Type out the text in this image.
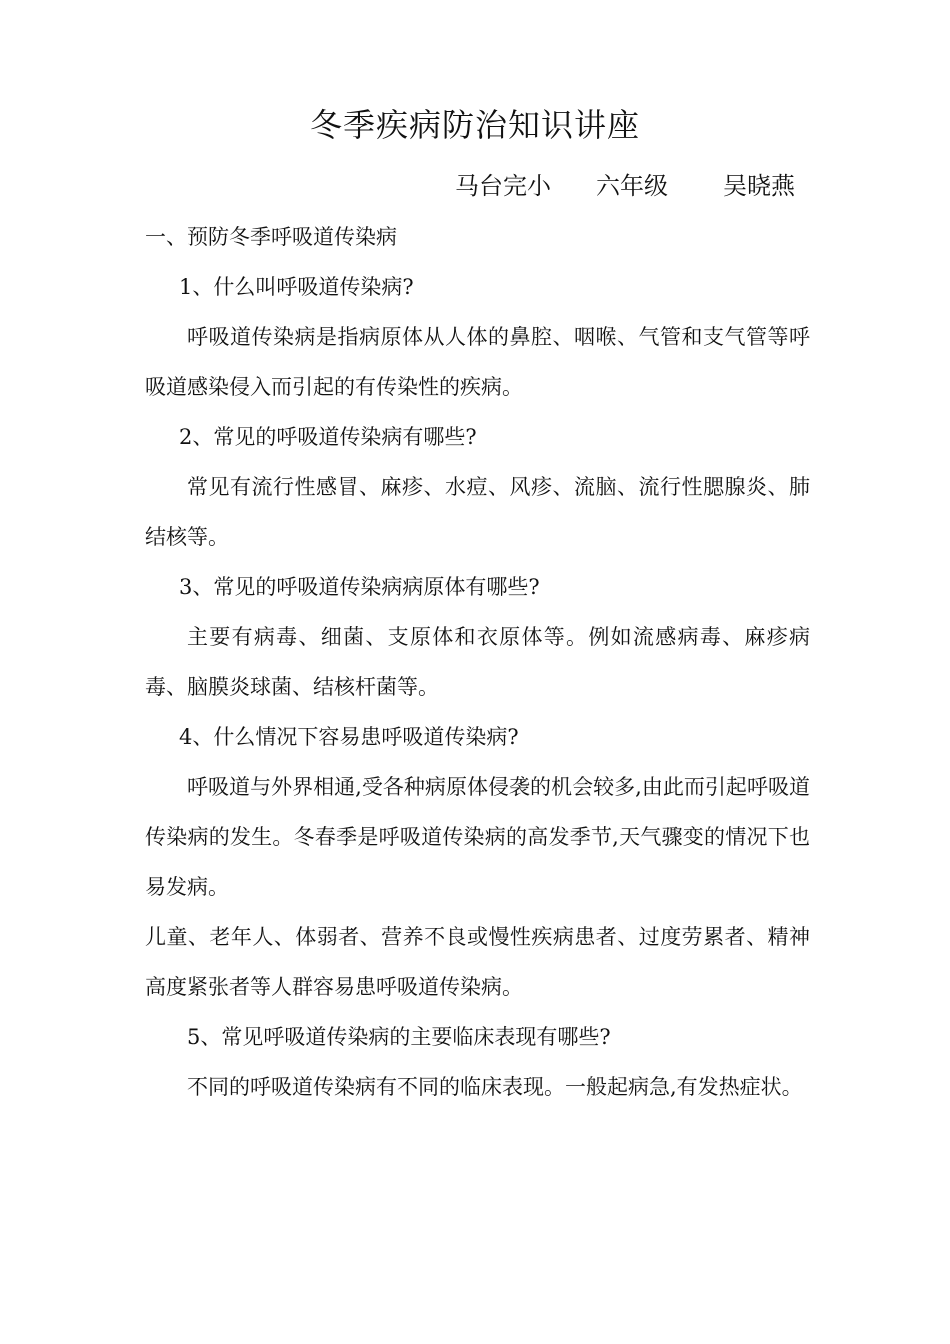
冬季疾病防治知识讲座
马台完小 六年级 吴晓燕

一、预防冬季呼吸道传染病

1、什么叫呼吸道传染病?

呼吸道传染病是指病原体从人体的鼻腔、咽喉、气管和支气管等呼吸道感染侵入而引起的有传染性的疾病。

2、常见的呼吸道传染病有哪些?

常见有流行性感冒、麻疹、水痘、风疹、流脑、流行性腮腺炎、肺结核等。

3、常见的呼吸道传染病病原体有哪些?

主要有病毒、细菌、支原体和衣原体等。例如流感病毒、麻疹病毒、脑膜炎球菌、结核杆菌等。

4、什么情况下容易患呼吸道传染病?

呼吸道与外界相通,受各种病原体侵袭的机会较多,由此而引起呼吸道传染病的发生。冬春季是呼吸道传染病的高发季节,天气骤变的情况下也易发病。

儿童、老年人、体弱者、营养不良或慢性疾病患者、过度劳累者、精神高度紧张者等人群容易患呼吸道传染病。

5、常见呼吸道传染病的主要临床表现有哪些?

不同的呼吸道传染病有不同的临床表现。一般起病急,有发热症状。
